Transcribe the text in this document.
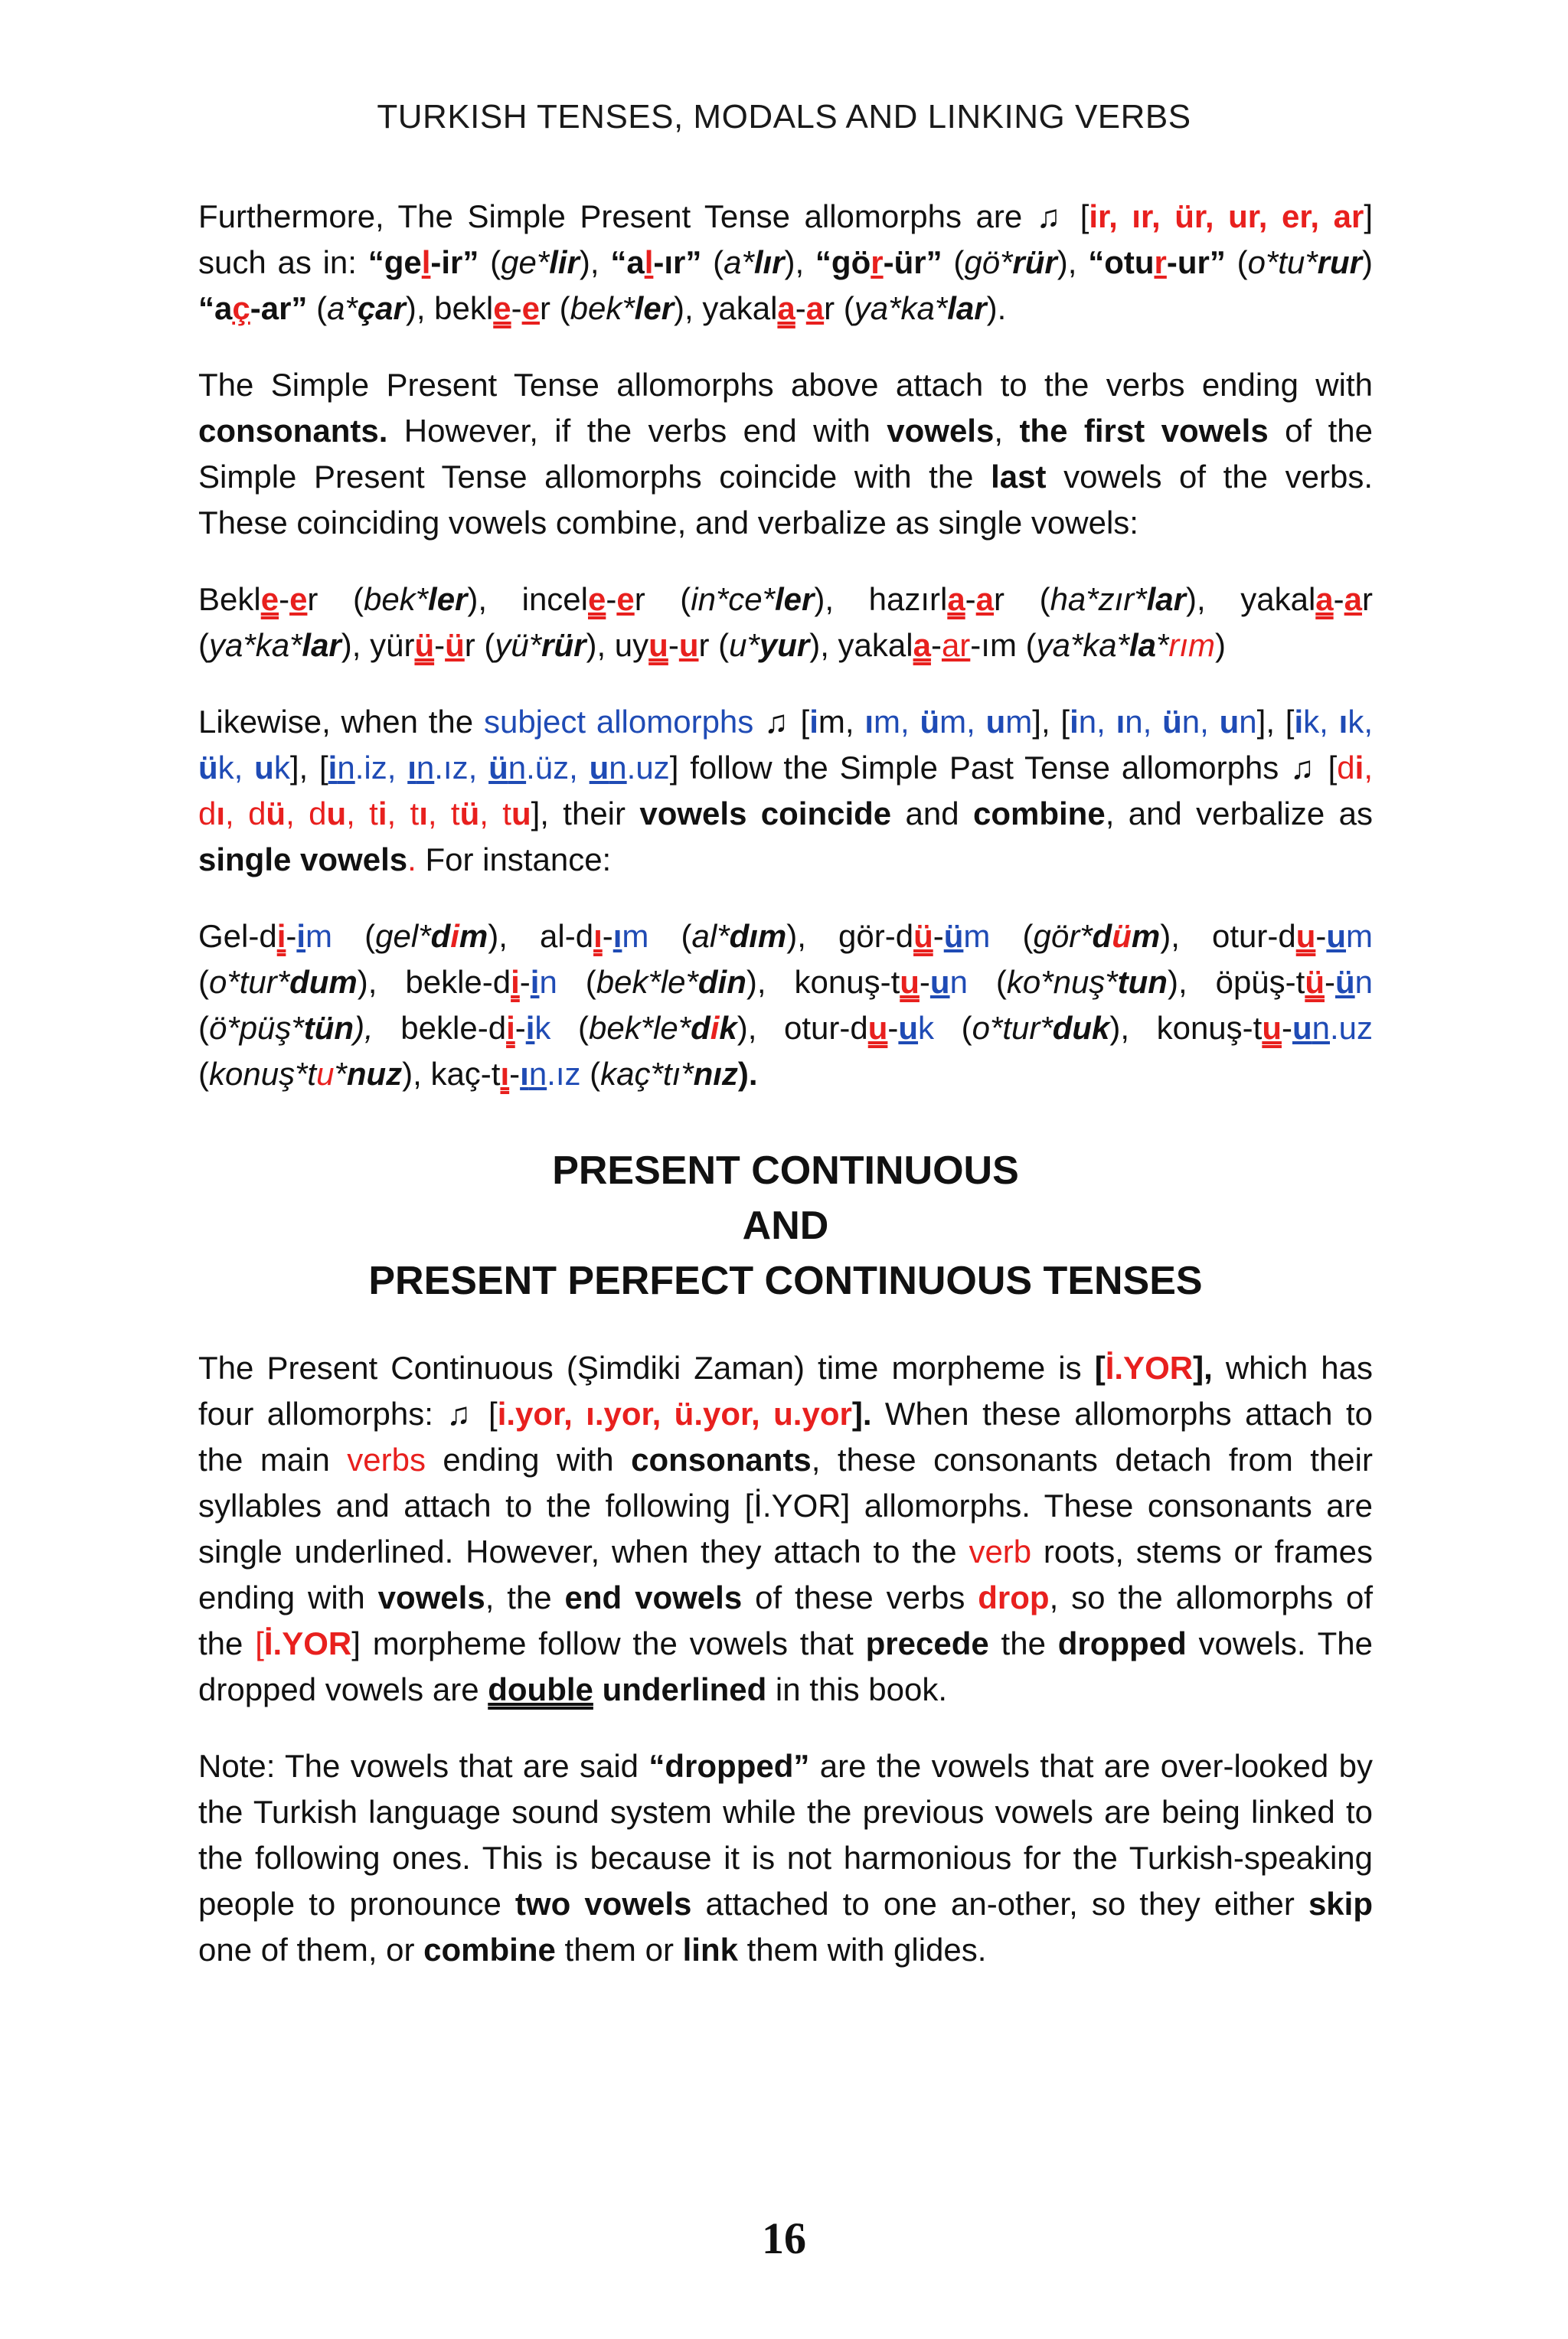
TURKISH TENSES, MODALS AND LINKING VERBS

Furthermore, The Simple Present Tense allomorphs are ♫ [ir, ır, ür, ur, er, ar] such as in: “gel-ir” (ge*lir), “al-ır” (a*lır), “gör-ür” (gö*rür), “otur-ur” (o*tu*rur) “aç-ar” (a*çar), bekle-er (bek*ler), yakala-ar (ya*ka*lar).

The Simple Present Tense allomorphs above attach to the verbs ending with consonants. However, if the verbs end with vowels, the first vowels of the Simple Present Tense allomorphs coincide with the last vowels of the verbs. These coinciding vowels combine, and verbalize as single vowels:

Bekle-er (bek*ler), incele-er (in*ce*ler), hazırla-ar (ha*zır*lar), yakala-ar (ya*ka*lar), yürü-ür (yü*rür), uyu-ur (u*yur), yakala-ar-ım (ya*ka*la*rım)

Likewise, when the subject allomorphs ♫ [im, ım, üm, um], [in, ın, ün, un], [ik, ık, ük, uk], [in.iz, ın.ız, ün.üz, un.uz] follow the Simple Past Tense allomorphs ♫ [di, dı, dü, du, ti, tı, tü, tu], their vowels coincide and combine, and verbalize as single vowels. For instance:

Gel-di-im (gel*dim), al-dı-ım (al*dım), gör-dü-üm (gör*düm), otur-du-um (o*tur*dum), bekle-di-in (bek*le*din), konuş-tu-un (ko*nuş*tun), öpüş-tü-ün (ö*püş*tün), bekle-di-ik (bek*le*dik), otur-du-uk (o*tur*duk), konuş-tu-un.uz (konuş*tu*nuz), kaç-tı-ın.ız (kaç*tı*nız).

PRESENT CONTINUOUS
AND
PRESENT PERFECT CONTINUOUS TENSES

The Present Continuous (Şimdiki Zaman) time morpheme is [İ.YOR], which has four allomorphs: ♫ [i.yor, ı.yor, ü.yor, u.yor]. When these allomorphs attach to the main verbs ending with consonants, these consonants detach from their syllables and attach to the following [İ.YOR] allomorphs. These consonants are single underlined. However, when they attach to the verb roots, stems or frames ending with vowels, the end vowels of these verbs drop, so the allomorphs of the [İ.YOR] morpheme follow the vowels that precede the dropped vowels. The dropped vowels are double underlined in this book.

Note: The vowels that are said “dropped” are the vowels that are over-looked by the Turkish language sound system while the previous vowels are being linked to the following ones. This is because it is not harmonious for the Turkish-speaking people to pronounce two vowels attached to one an-other, so they either skip one of them, or combine them or link them with glides.

16
